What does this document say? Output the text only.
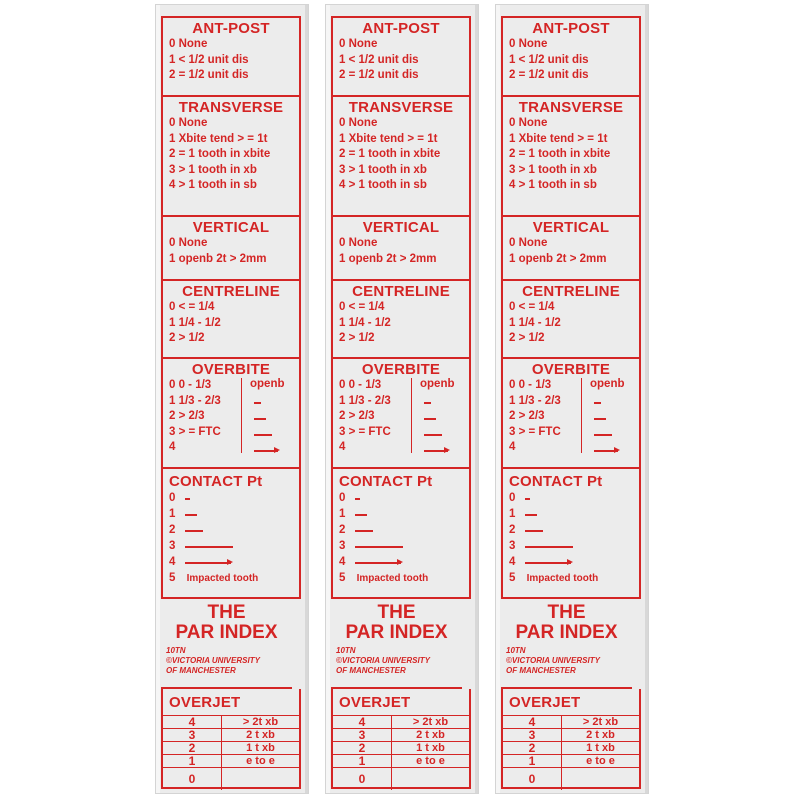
ANT-POST
0 None
1 < 1/2 unit dis
2 = 1/2 unit dis
TRANSVERSE
0 None
1 Xbite tend > = 1t
2 = 1 tooth in xbite
3 > 1 tooth in xb
4 > 1 tooth in sb
VERTICAL
0 None
1 openb 2t > 2mm
CENTRELINE
0 < = 1/4
1 1/4 - 1/2
2 > 1/2
OVERBITE
0 0 - 1/3
1 1/3 - 2/3
2 > 2/3
3 > = FTC
4
openb
CONTACT Pt
0
1
2
3
4
5 Impacted tooth
THE
PAR INDEX
10TN
©VICTORIA UNIVERSITY
OF MANCHESTER
OVERJET
4	> 2t xb
3	2 t xb
2	1 t xb
1	e to e
0	
ANT-POST
0 None
1 < 1/2 unit dis
2 = 1/2 unit dis
TRANSVERSE
0 None
1 Xbite tend > = 1t
2 = 1 tooth in xbite
3 > 1 tooth in xb
4 > 1 tooth in sb
VERTICAL
0 None
1 openb 2t > 2mm
CENTRELINE
0 < = 1/4
1 1/4 - 1/2
2 > 1/2
OVERBITE
0 0 - 1/3
1 1/3 - 2/3
2 > 2/3
3 > = FTC
4
openb
CONTACT Pt
0
1
2
3
4
5 Impacted tooth
THE
PAR INDEX
10TN
©VICTORIA UNIVERSITY
OF MANCHESTER
OVERJET
4	> 2t xb
3	2 t xb
2	1 t xb
1	e to e
0	
ANT-POST
0 None
1 < 1/2 unit dis
2 = 1/2 unit dis
TRANSVERSE
0 None
1 Xbite tend > = 1t
2 = 1 tooth in xbite
3 > 1 tooth in xb
4 > 1 tooth in sb
VERTICAL
0 None
1 openb 2t > 2mm
CENTRELINE
0 < = 1/4
1 1/4 - 1/2
2 > 1/2
OVERBITE
0 0 - 1/3
1 1/3 - 2/3
2 > 2/3
3 > = FTC
4
openb
CONTACT Pt
0
1
2
3
4
5 Impacted tooth
THE
PAR INDEX
10TN
©VICTORIA UNIVERSITY
OF MANCHESTER
OVERJET
4	> 2t xb
3	2 t xb
2	1 t xb
1	e to e
0	
